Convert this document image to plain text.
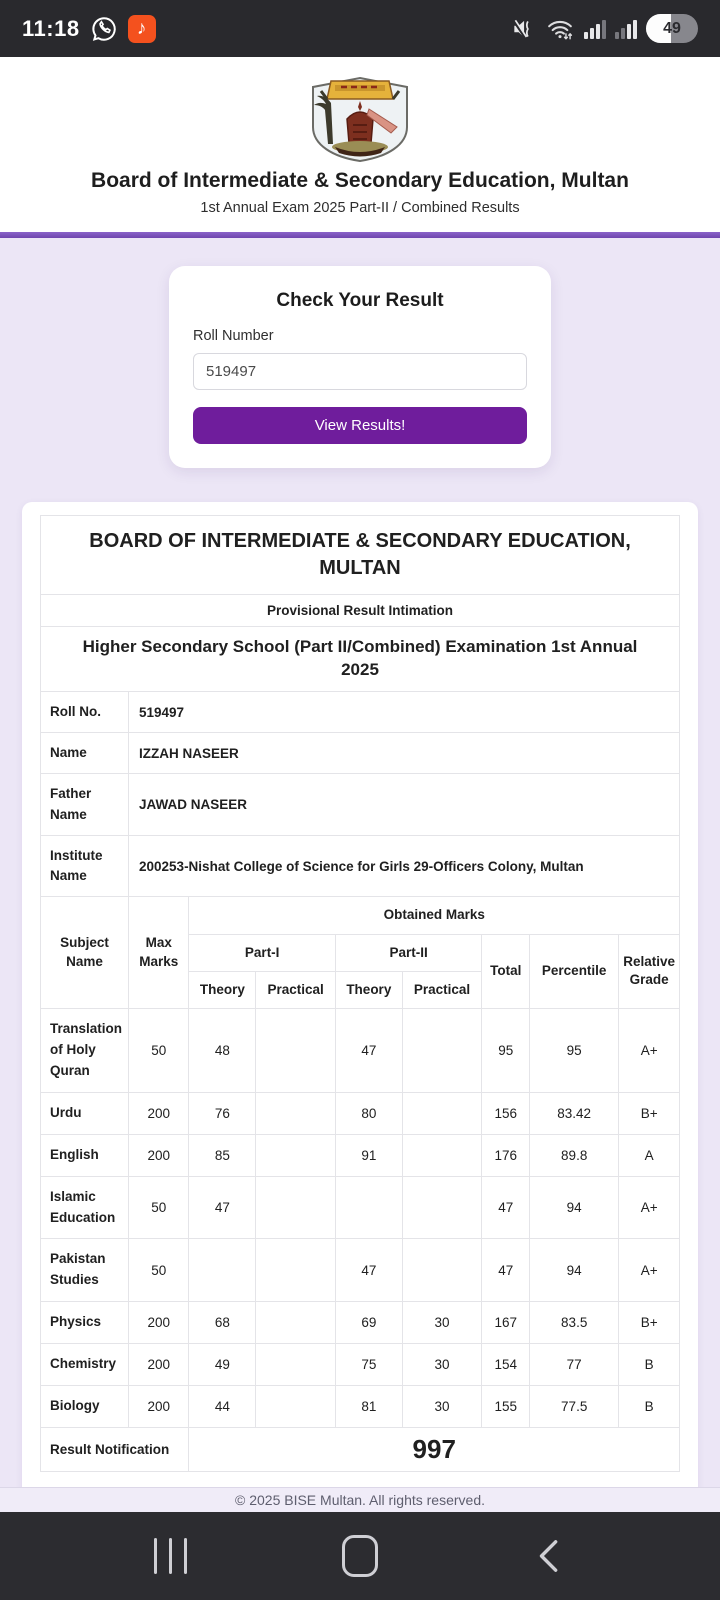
11:18	♪	49
Board of Intermediate & Secondary Education, Multan
1st Annual Exam 2025 Part-II / Combined Results
Check Your Result
Roll Number
519497 View Results!
BOARD OF INTERMEDIATE & SECONDARY EDUCATION, MULTAN								

Provisional Result Intimation								

Higher Secondary School (Part II/Combined) Examination 1st Annual 2025								

Roll No.	519497							
Name	IZZAH NASEER							
Father Name	JAWAD NASEER							
Institute Name	200253-Nishat College of Science for Girls 29-Officers Colony, Multan							
Subject Name	Max Marks	Obtained Marks						
		Part-I		Part-II		Total	Percentile	Relative Grade
		Theory	Practical	Theory	Practical			
Translation of Holy Quran	50	48		47		95	95	A+
Urdu	200	76		80		156	83.42	B+
English	200	85		91		176	89.8	A
Islamic Education	50	47				47	94	A+
Pakistan Studies	50			47		47	94	A+
Physics	200	68		69	30	167	83.5	B+
Chemistry	200	49		75	30	154	77	B
Biology	200	44		81	30	155	77.5	B
Result Notification		997						
© 2025 BISE Multan. All rights reserved.
